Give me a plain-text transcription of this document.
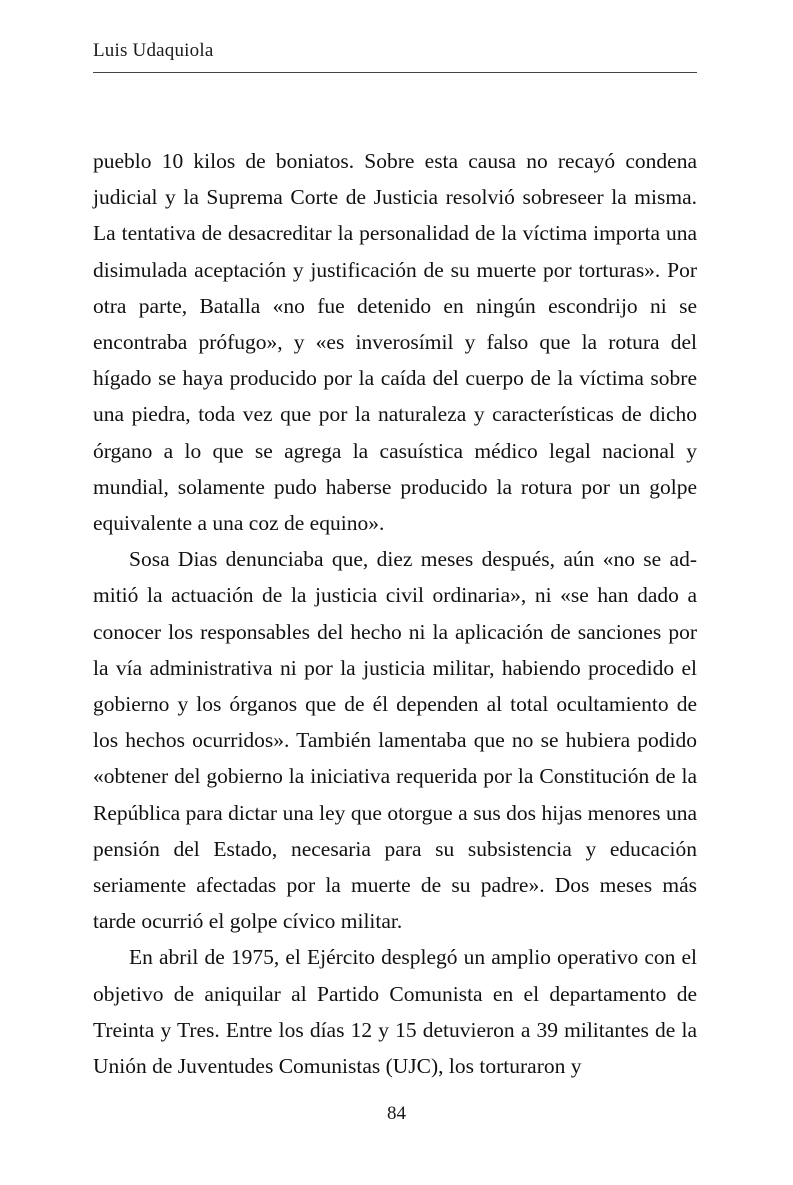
Luis Udaquiola

pueblo 10 kilos de boniatos. Sobre esta causa no recayó condena judicial y la Suprema Corte de Justicia resolvió sobreseer la misma. La tentativa de desacreditar la personalidad de la víctima importa una disimulada aceptación y justificación de su muerte por torturas». Por otra parte, Batalla «no fue detenido en ningún escondrijo ni se encontraba prófugo», y «es inverosímil y falso que la rotura del hígado se haya producido por la caída del cuerpo de la víctima sobre una piedra, toda vez que por la naturaleza y características de dicho órgano a lo que se agrega la casuística médico legal nacional y mundial, solamente pudo haberse producido la rotura por un golpe equivalente a una coz de equino».

Sosa Dias denunciaba que, diez meses después, aún «no se admitió la actuación de la justicia civil ordinaria», ni «se han dado a conocer los responsables del hecho ni la aplicación de sanciones por la vía administrativa ni por la justicia militar, habiendo procedido el gobierno y los órganos que de él dependen al total ocultamiento de los hechos ocurridos». También lamentaba que no se hubiera podido «obtener del gobierno la iniciativa requerida por la Constitución de la República para dictar una ley que otorgue a sus dos hijas menores una pensión del Estado, necesaria para su subsistencia y educación seriamente afectadas por la muerte de su padre». Dos meses más tarde ocurrió el golpe cívico militar.

En abril de 1975, el Ejército desplegó un amplio operativo con el objetivo de aniquilar al Partido Comunista en el departamento de Treinta y Tres. Entre los días 12 y 15 detuvieron a 39 militantes de la Unión de Juventudes Comunistas (UJC), los torturaron y

84
